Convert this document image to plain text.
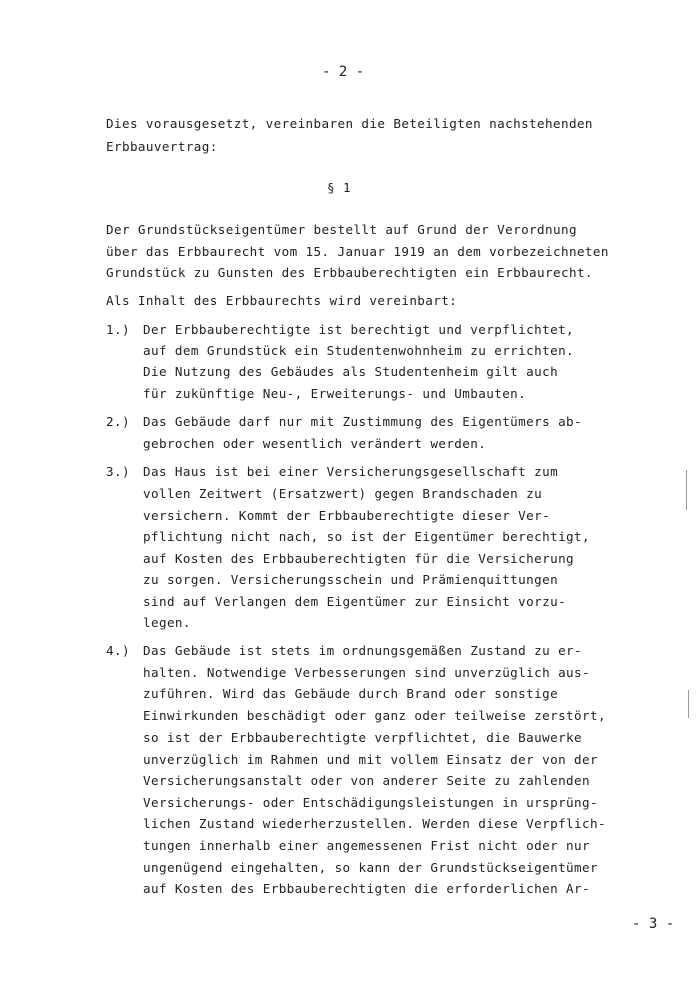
- 2 -
Dies vorausgesetzt, vereinbaren die Beteiligten nachstehenden
Erbbauvertrag:
§ 1
Der Grundstückseigentümer bestellt auf Grund der Verordnung
über das Erbbaurecht vom 15. Januar 1919 an dem vorbezeichneten
Grundstück zu Gunsten des Erbbauberechtigten ein Erbbaurecht.
Als Inhalt des Erbbaurechts wird vereinbart:
1.) Der Erbbauberechtigte ist berechtigt und verpflichtet,
auf dem Grundstück ein Studentenwohnheim zu errichten.
Die Nutzung des Gebäudes als Studentenheim gilt auch
für zukünftige Neu-, Erweiterungs- und Umbauten.
2.) Das Gebäude darf nur mit Zustimmung des Eigentümers ab-
gebrochen oder wesentlich verändert werden.
3.) Das Haus ist bei einer Versicherungsgesellschaft zum
vollen Zeitwert (Ersatzwert) gegen Brandschaden zu
versichern. Kommt der Erbbauberechtigte dieser Ver-
pflichtung nicht nach, so ist der Eigentümer berechtigt,
auf Kosten des Erbbauberechtigten für die Versicherung
zu sorgen. Versicherungsschein und Prämienquittungen
sind auf Verlangen dem Eigentümer zur Einsicht vorzu-
legen.
4.) Das Gebäude ist stets im ordnungsgemäßen Zustand zu er-
halten. Notwendige Verbesserungen sind unverzüglich aus-
zuführen. Wird das Gebäude durch Brand oder sonstige
Einwirkunden beschädigt oder ganz oder teilweise zerstört,
so ist der Erbbauberechtigte verpflichtet, die Bauwerke
unverzüglich im Rahmen und mit vollem Einsatz der von der
Versicherungsanstalt oder von anderer Seite zu zahlenden
Versicherungs- oder Entschädigungsleistungen in ursprüng-
lichen Zustand wiederherzustellen. Werden diese Verpflich-
tungen innerhalb einer angemessenen Frist nicht oder nur
ungenügend eingehalten, so kann der Grundstückseigentümer
auf Kosten des Erbbauberechtigten die erforderlichen Ar-
- 3 -
